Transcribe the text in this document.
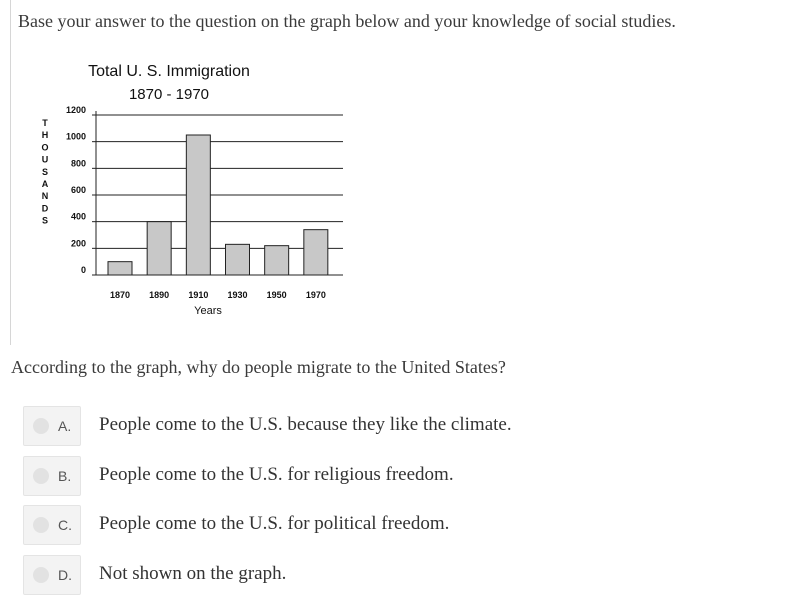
Base your answer to the question on the graph below and your knowledge of social studies.
Total U. S. Immigration
1870 - 1970
T
H
O
U
S
A
N
D
S
0
200
400
600
800
1000
1200
1870 1890 1910 1930 1950 1970
Years
According to the graph, why do people migrate to the United States?
A. People come to the U.S. because they like the climate.
B. People come to the U.S. for religious freedom.
C. People come to the U.S. for political freedom.
D. Not shown on the graph.
